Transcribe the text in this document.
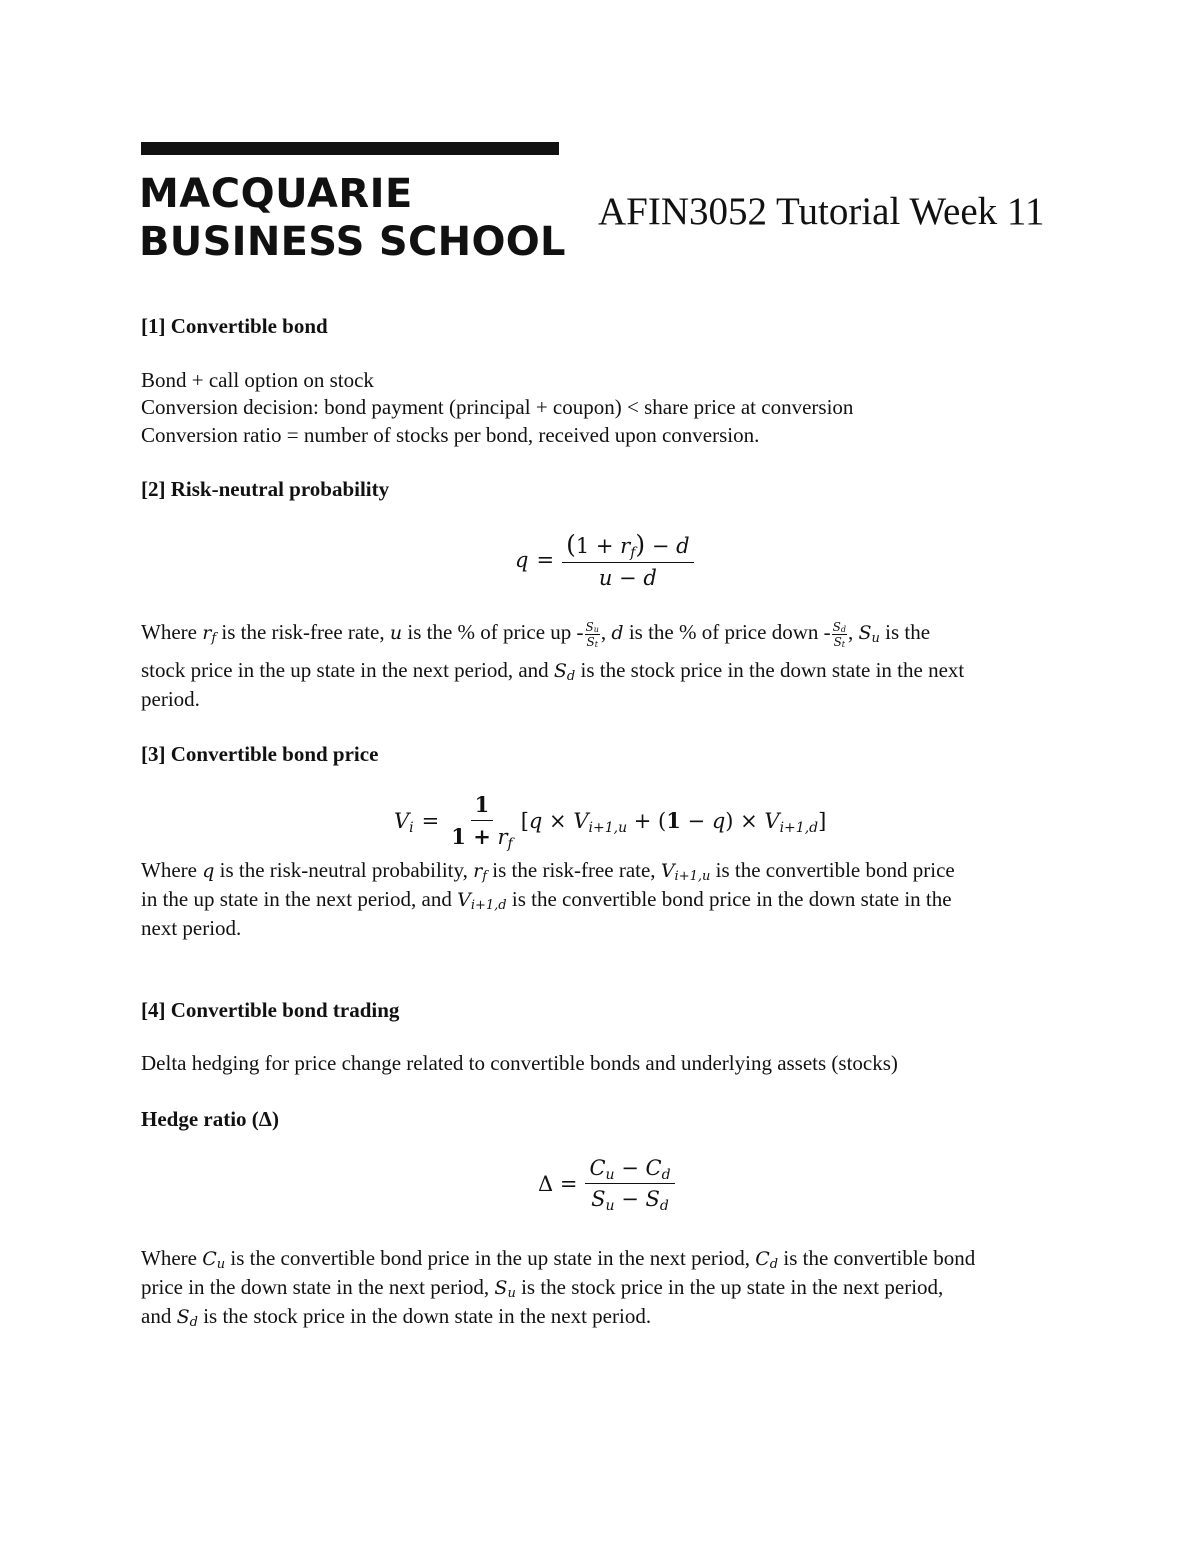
MACQUARIE
BUSINESS SCHOOL
AFIN3052 Tutorial Week 11
[1] Convertible bond
Bond + call option on stock
Conversion decision: bond payment (principal + coupon) < share price at conversion
Conversion ratio = number of stocks per bond, received upon conversion.
[2] Risk-neutral probability
$q = \frac{(1 + r_f) - d}{u - d}$
Where $r_f$ is the risk-free rate, u is the % of price up - $\frac{S_u}{S_t}$ , d is the % of price down - $\frac{S_d}{S_t}$ , $S_u$ is the
stock price in the up state in the next period, and $S_d$ is the stock price in the down state in the next
period.
[3] Convertible bond price
$V_i = \frac{1}{1 + r_f} [q \times V_{i+1,u} + (1 - q) \times V_{i+1,d}]$
Where q is the risk-neutral probability, $r_f$ is the risk-free rate, $V_{i+1,u}$ is the convertible bond price
in the up state in the next period, and $V_{i+1,d}$ is the convertible bond price in the down state in the
next period.
[4] Convertible bond trading
Delta hedging for price change related to convertible bonds and underlying assets (stocks)
Hedge ratio (Δ)
$\Delta = \frac{C_u - C_d}{S_u - S_d}$
Where $C_u$ is the convertible bond price in the up state in the next period, $C_d$ is the convertible bond
price in the down state in the next period, $S_u$ is the stock price in the up state in the next period,
and $S_d$ is the stock price in the down state in the next period.
